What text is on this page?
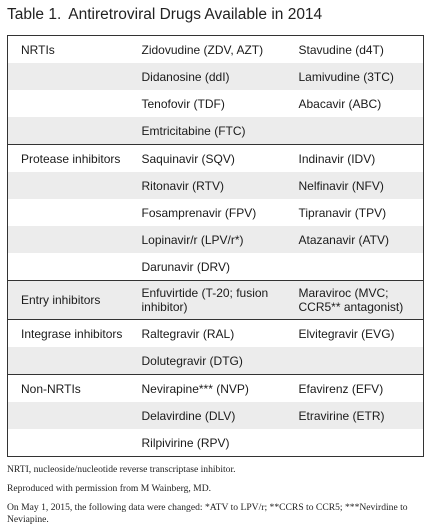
Table 1. Antiretroviral Drugs Available in 2014
NRTIs	Zidovudine (ZDV, AZT)	Stavudine (d4T)
	Didanosine (ddI)	Lamivudine (3TC)
	Tenofovir (TDF)	Abacavir (ABC)
	Emtricitabine (FTC)	
Protease inhibitors	Saquinavir (SQV)	Indinavir (IDV)
	Ritonavir (RTV)	Nelfinavir (NFV)
	Fosamprenavir (FPV)	Tipranavir (TPV)
	Lopinavir/r (LPV/r*)	Atazanavir (ATV)
	Darunavir (DRV)	
Entry inhibitors	Enfuvirtide (T-20; fusion inhibitor)	Maraviroc (MVC; CCR5** antagonist)
Integrase inhibitors	Raltegravir (RAL)	Elvitegravir (EVG)
	Dolutegravir (DTG)	
Non-NRTIs	Nevirapine*** (NVP)	Efavirenz (EFV)
	Delavirdine (DLV)	Etravirine (ETR)
	Rilpivirine (RPV)	

NRTI, nucleoside/nucleotide reverse transcriptase inhibitor.

Reproduced with permission from M Wainberg, MD.

On May 1, 2015, the following data were changed: *ATV to LPV/r; **CCRS to CCR5; ***Nevirdine to Neviapine.
